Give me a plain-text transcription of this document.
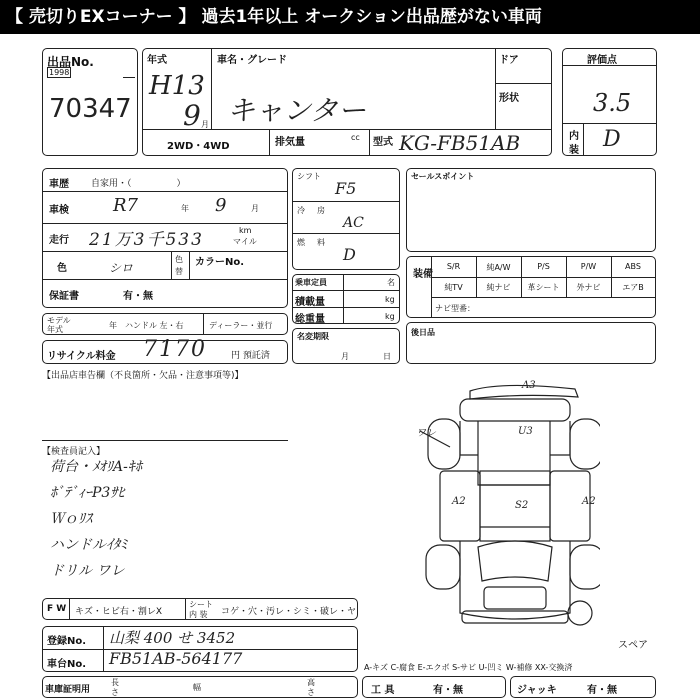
【 売切りEXコーナー 】 過去1年以上 オークション出品歴がない車両
出品No.
1998
70347
年式
H13
9 月
車名・グレード
キャンター
ドア
形状
2WD・4WD	排気量	cc 型式 KG-FB51AB
評価点
3.5
内
装 D
車歴 自家用・（　　　　　）
車検 R7	年 9	月
走行 21万3千533	km
マイル
色	シロ
色
替
カラーNo.
保証書	有・無
モデル
年式	年 ハンドル 左・右	ディーラー・並行
リサイクル料金 7170	円 預託済
【出品店車告欄（不良箇所・欠品・注意事項等)】
【検査員記入】
荷台・ﾒｵﾘA-ｷﾎ
ﾎﾞﾃﾞｨｰP3ｻﾋ
Ｗｏﾘｽ
ハンドルｲﾀﾐ
ドリル ワレ
シフト
F5
冷 房
AC
燃 料
D
乗車定員	名
積載量	kg
総重量	kg
名変期限
月	日
セールスポイント
装備
S/R	純A/W	P/S	P/W	ABS
純TV	純ナビ	革シート	外ナビ	エアB
ナビ型番：
後日品
A3
U3
A2	S2	A2
ワレ
スペア
F W キズ・ヒビ右・割レX
シート
内 装 コゲ・穴・汚レ・シミ・破レ・ヤ
登録No. 山梨 400 せ 3452
車台No. FB51AB-564177
車庫証明用
長
さ
幅
高
さ
A-キズ C-腐食 E-エクボ S-サビ U-凹ミ W-補修 XX-交換済
工 具	有・無	ジャッキ	有・無
